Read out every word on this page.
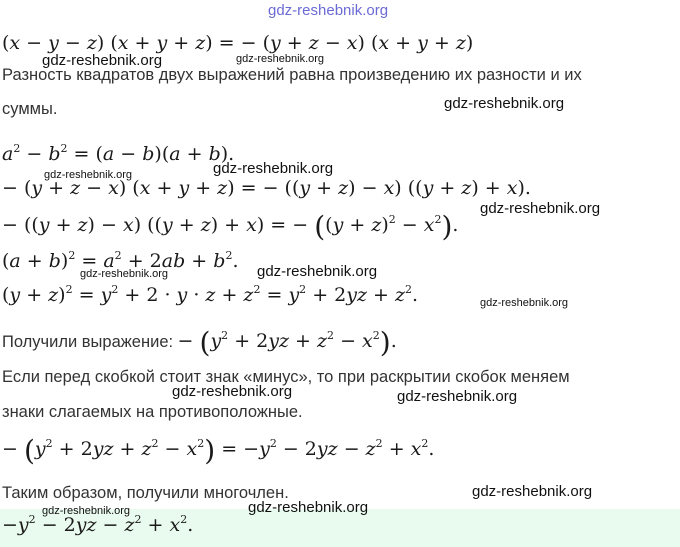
gdz-reshebnik.org
(x − y − z) (x + y + z) = − (y + z − x) (x + y + z)
gdz-reshebnik.org	gdz-reshebnik.org
Разность квадратов двух выражений равна произведению их разности и их
суммы.	gdz-reshebnik.org
$a^2 - b^2 = (a - b)(a + b)$.
gdz-reshebnik.org
gdz-reshebnik.org
− (y + z − x) (x + y + z) = − ((y + z) − x) ((y + z) + x).
gdz-reshebnik.org
− ((y + z) − x) ((y + z) + x) = − $((y + z)^2 - x^2)$.
$(a + b)^2 = a^2 + 2ab + b^2$. gdz-reshebnik.org
gdz-reshebnik.org
$(y + z)^2 = y^2 + 2 \cdot y \cdot z + z^2 = y^2 + 2yz + z^2$.	gdz-reshebnik.org
Получили выражение: − $(y^2 + 2yz + z^2 - x^2)$.
Если перед скобкой стоит знак «минус», то при раскрытии скобок меняем
gdz-reshebnik.org	gdz-reshebnik.org
знаки слагаемых на противоположные.
− $(y^2 + 2yz + z^2 - x^2) = -y^2 - 2yz - z^2 + x^2$.
Таким образом, получили многочлен.	gdz-reshebnik.org
$-y^2 - 2yz - z^2 + x^2$.
gdz-reshebnik.org	gdz-reshebnik.org
